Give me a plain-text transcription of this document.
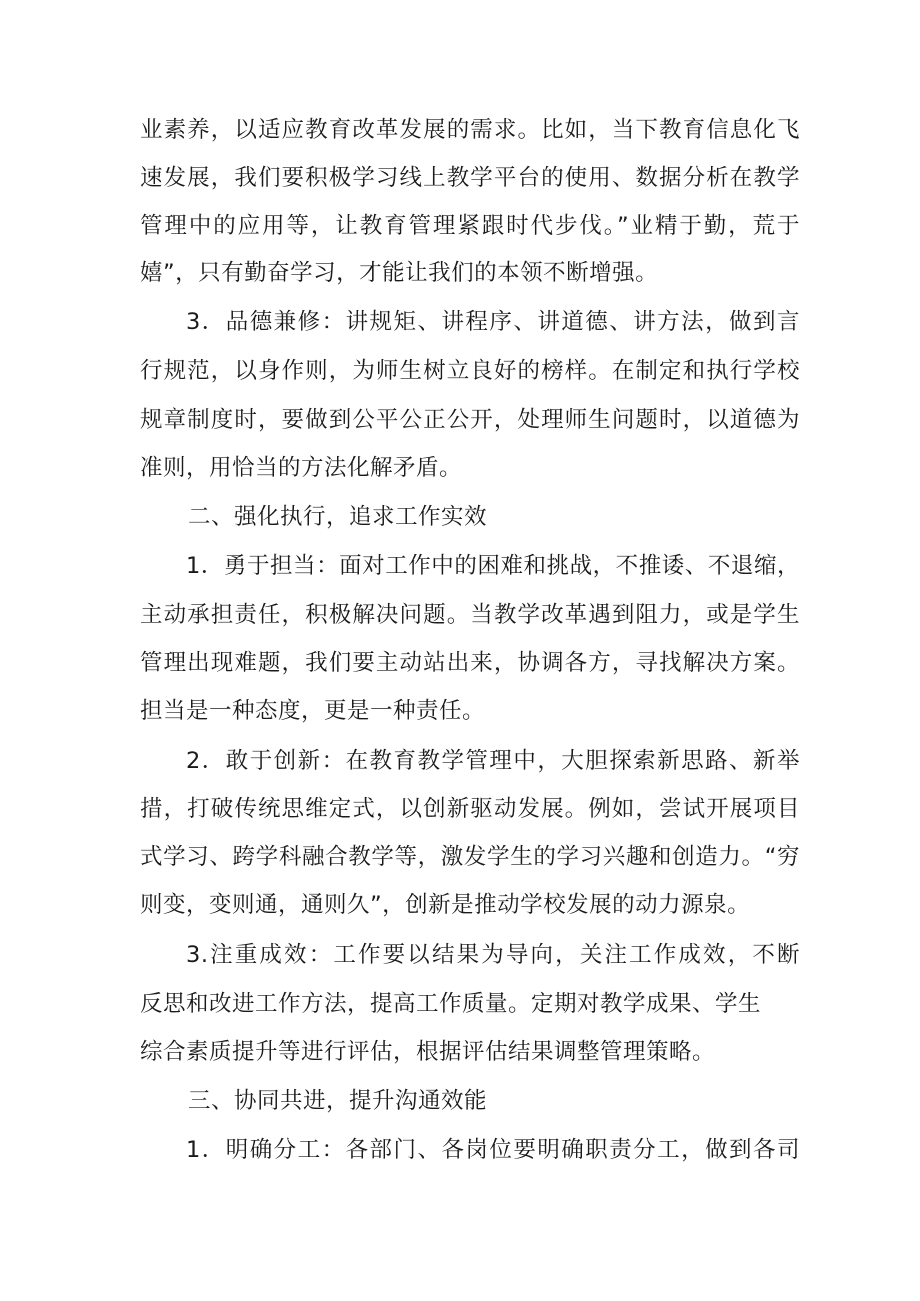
业素养，以适应教育改革发展的需求。比如，当下教育信息化飞
速发展，我们要积极学习线上教学平台的使用、数据分析在教学
管理中的应用等，让教育管理紧跟时代步伐。”业精于勤，荒于
嬉”，只有勤奋学习，才能让我们的本领不断增强。
3．品德兼修：讲规矩、讲程序、讲道德、讲方法，做到言
行规范，以身作则，为师生树立良好的榜样。在制定和执行学校
规章制度时，要做到公平公正公开，处理师生问题时，以道德为
准则，用恰当的方法化解矛盾。
二、强化执行，追求工作实效
1．勇于担当：面对工作中的困难和挑战，不推诿、不退缩，
主动承担责任，积极解决问题。当教学改革遇到阻力，或是学生
管理出现难题，我们要主动站出来，协调各方，寻找解决方案。
担当是一种态度，更是一种责任。
2．敢于创新：在教育教学管理中，大胆探索新思路、新举
措，打破传统思维定式，以创新驱动发展。例如，尝试开展项目
式学习、跨学科融合教学等，激发学生的学习兴趣和创造力。“穷
则变，变则通，通则久”，创新是推动学校发展的动力源泉。
3.注重成效：工作要以结果为导向，关注工作成效，不断
反思和改进工作方法，提高工作质量。定期对教学成果、学生
综合素质提升等进行评估，根据评估结果调整管理策略。
三、协同共进，提升沟通效能
1．明确分工：各部门、各岗位要明确职责分工，做到各司
